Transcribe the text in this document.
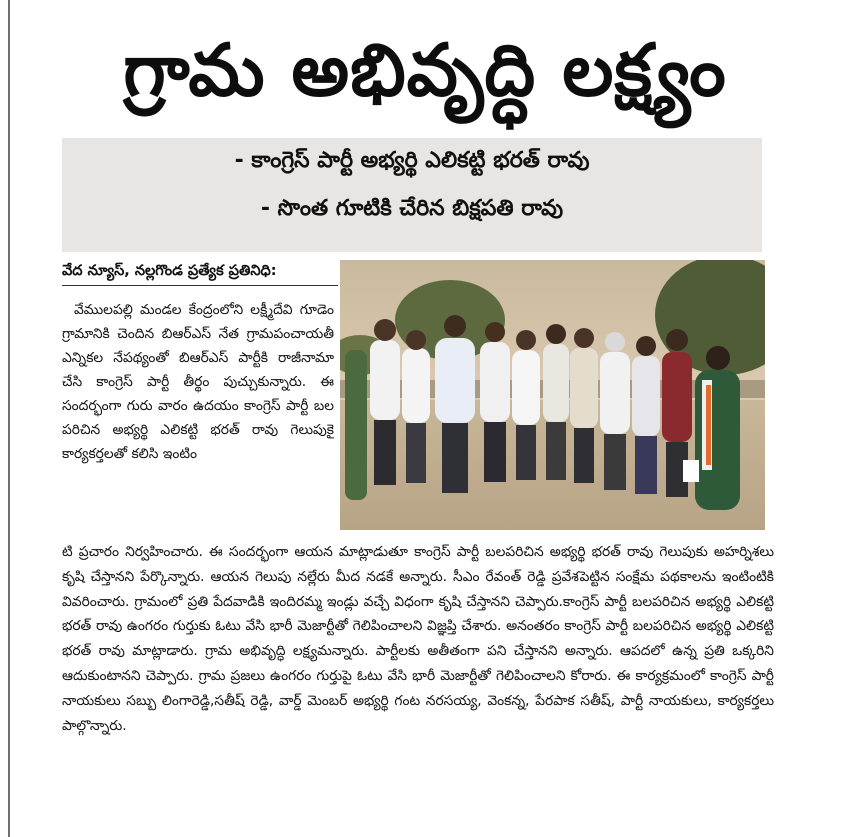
గ్రామ అభివృద్ధి లక్ష్యం
- కాంగ్రెస్ పార్టీ అభ్యర్థి ఎలికట్టి భరత్ రావు
- సొంత గూటికి చేరిన బిక్షపతి రావు
వేద న్యూస్, నల్లగొండ ప్రత్యేక ప్రతినిధి:

వేములపల్లి మండల కేంద్రంలోని లక్ష్మీదేవి గూడెం గ్రామానికి చెందిన బిఆర్ఎస్ నేత గ్రామపంచాయతీ ఎన్నికల నేపథ్యంతో బిఆర్ఎస్ పార్టీకి రాజీనామా చేసి కాంగ్రెస్ పార్టీ తీర్థం పుచ్చుకున్నారు. ఈ సందర్భంగా గురు వారం ఉదయం కాంగ్రెస్ పార్టీ బల పరిచిన అభ్యర్థి ఎలికట్టి భరత్ రావు గెలుపుకై కార్యకర్తలతో కలిసి ఇంటిం

టి ప్రచారం నిర్వహించారు. ఈ సందర్భంగా ఆయన మాట్లాడుతూ కాంగ్రెస్ పార్టీ బలపరిచిన అభ్యర్థి భరత్ రావు గెలుపుకు అహర్నిశలు కృషి చేస్తానని పేర్కొన్నారు. ఆయన గెలుపు నల్లేరు మీద నడకే అన్నారు. సీఎం రేవంత్ రెడ్డి ప్రవేశపెట్టిన సంక్షేమ పథకాలను ఇంటింటికి వివరించారు. గ్రామంలో ప్రతి పేదవాడికి ఇందిరమ్మ ఇండ్లు వచ్చే విధంగా కృషి చేస్తానని చెప్పారు.కాంగ్రెస్ పార్టీ బలపరిచిన అభ్యర్థి ఎలికట్టి భరత్ రావు ఉంగరం గుర్తుకు ఓటు వేసి భారీ మెజార్టీతో గెలిపించాలని విజ్ఞప్తి చేశారు. అనంతరం కాంగ్రెస్ పార్టీ బలపరిచిన అభ్యర్థి ఎలికట్టి భరత్ రావు మాట్లాడారు. గ్రామ అభివృద్ధి లక్ష్యమన్నారు. పార్టీలకు అతీతంగా పని చేస్తానని అన్నారు. ఆపదలో ఉన్న ప్రతి ఒక్కరిని ఆదుకుంటానని చెప్పారు. గ్రామ ప్రజలు ఉంగరం గుర్తుపై ఓటు వేసి భారీ మెజార్టీతో గెలిపించాలని కోరారు. ఈ కార్యక్రమంలో కాంగ్రెస్ పార్టీ నాయకులు సబ్బు లింగారెడ్డి,సతీష్ రెడ్డి, వార్డ్ మెంబర్ అభ్యర్థి గంట నరసయ్య, వెంకన్న, పేరపాక సతీష్, పార్టీ నాయకులు, కార్యకర్తలు పాల్గొన్నారు.
